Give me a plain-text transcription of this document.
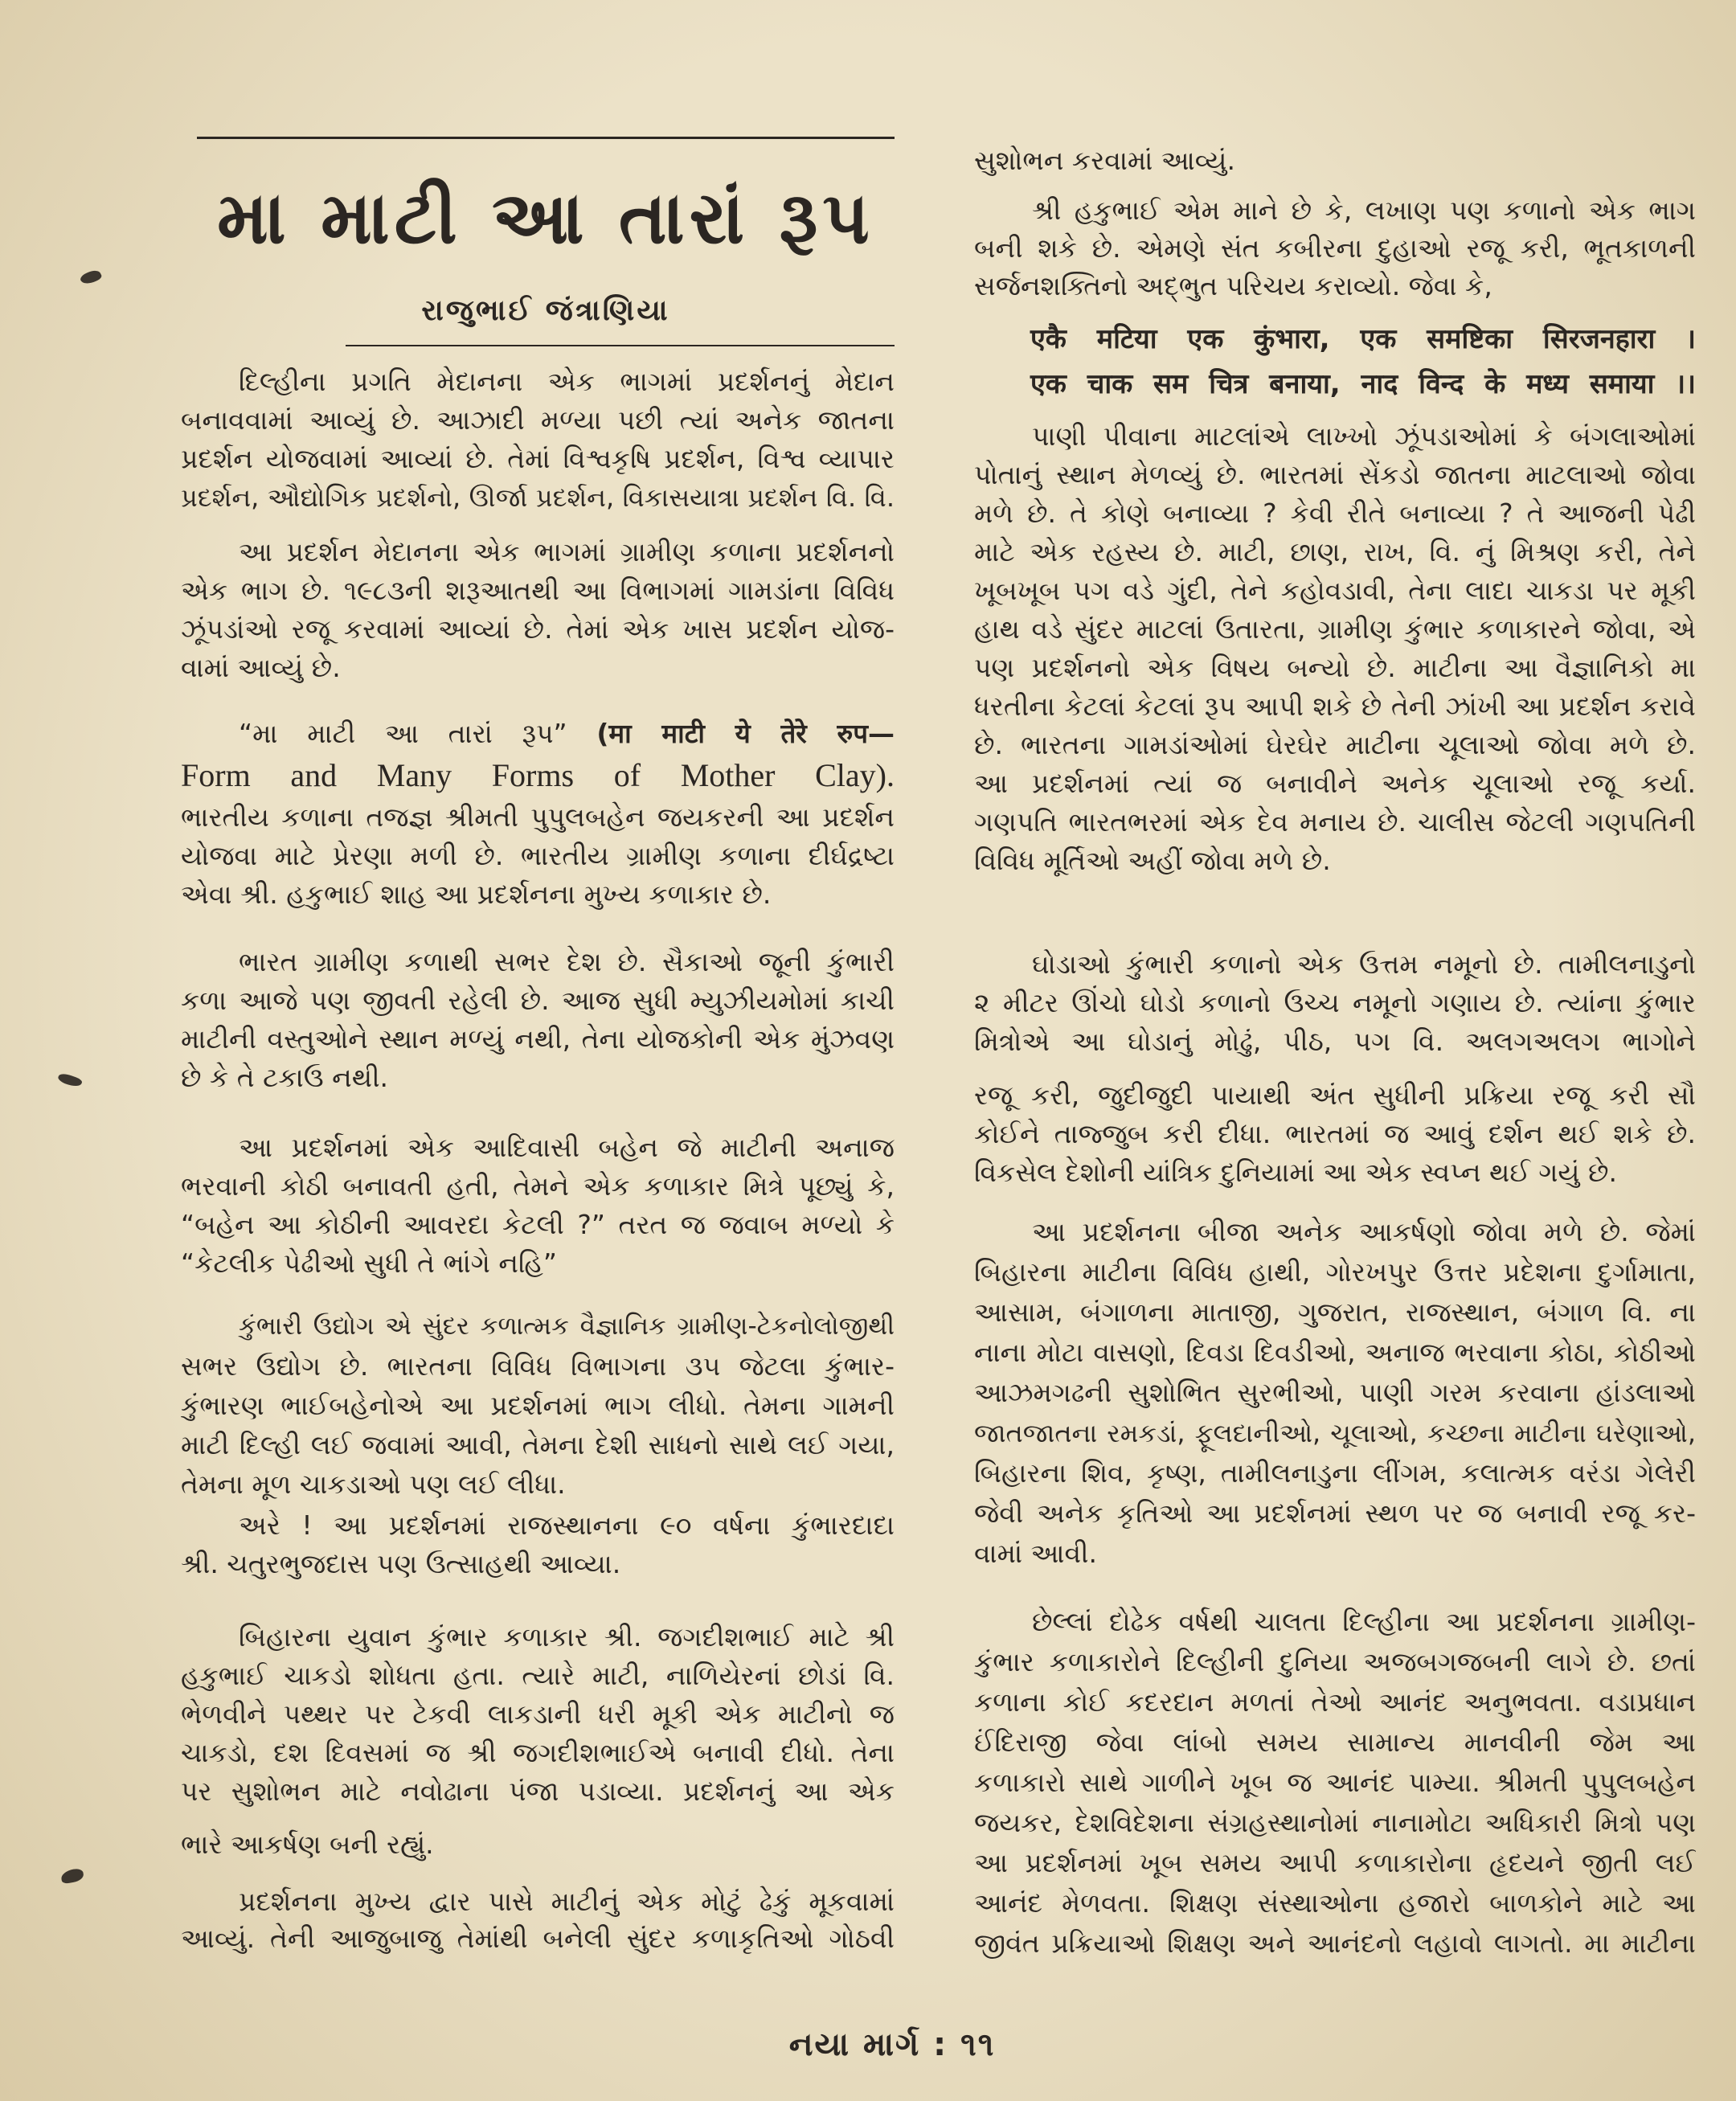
મા માટી આ તારાં રૂપ
રાજુભાઈ જંત્રાણિયા
દિલ્હીના પ્રગતિ મેદાનના એક ભાગમાં પ્રદર્શનનું મેદાન
બનાવવામાં આવ્યું છે. આઝાદી મળ્યા પછી ત્યાં અનેક જાતના
પ્રદર્શન યોજવામાં આવ્યાં છે. તેમાં વિશ્વકૃષિ પ્રદર્શન, વિશ્વ વ્યાપાર
પ્રદર્શન, ઔદ્યોગિક પ્રદર્શનો, ઊર્જા પ્રદર્શન, વિકાસયાત્રા પ્રદર્શન વિ. વિ.
આ પ્રદર્શન મેદાનના એક ભાગમાં ગ્રામીણ કળાના પ્રદર્શનનો
એક ભાગ છે. ૧૯૮૩ની શરૂઆતથી આ વિભાગમાં ગામડાંના વિવિધ
ઝૂંપડાંઓ રજૂ કરવામાં આવ્યાં છે. તેમાં એક ખાસ પ્રદર્શન યોજ-
વામાં આવ્યું છે.
“મા માટી આ તારાં રૂપ” (मा माटी ये तेरे रुप—
Form and Many Forms of Mother Clay).
ભારતીય કળાના તજજ્ઞ શ્રીમતી પુપુલબહેન જયકરની આ પ્રદર્શન
યોજવા માટે પ્રેરણા મળી છે. ભારતીય ગ્રામીણ કળાના દીર્ઘદ્રષ્ટા
એવા શ્રી. હકુભાઈ શાહ આ પ્રદર્શનના મુખ્ય કળાકાર છે.
ભારત ગ્રામીણ કળાથી સભર દેશ છે. સૈકાઓ જૂની કુંભારી
કળા આજે પણ જીવતી રહેલી છે. આજ સુધી મ્યુઝીયમોમાં કાચી
માટીની વસ્તુઓને સ્થાન મળ્યું નથી, તેના યોજકોની એક મુંઝવણ
છે કે તે ટકાઉ નથી.
આ પ્રદર્શનમાં એક આદિવાસી બહેન જે માટીની અનાજ
ભરવાની કોઠી બનાવતી હતી, તેમને એક કળાકાર મિત્રે પૂછ્યું કે,
“બહેન આ કોઠીની આવરદા કેટલી ?” તરત જ જવાબ મળ્યો કે
“કેટલીક પેઢીઓ સુધી તે ભાંગે નહિ”
કુંભારી ઉદ્યોગ એ સુંદર કળાત્મક વૈજ્ઞાનિક ગ્રામીણ-ટેકનોલોજીથી
સભર ઉદ્યોગ છે. ભારતના વિવિધ વિભાગના ૩૫ જેટલા કુંભાર-
કુંભારણ ભાઈબહેનોએ આ પ્રદર્શનમાં ભાગ લીધો. તેમના ગામની
માટી દિલ્હી લઈ જવામાં આવી, તેમના દેશી સાધનો સાથે લઈ ગયા,
તેમના મૂળ ચાકડાઓ પણ લઈ લીધા.
અરે ! આ પ્રદર્શનમાં રાજસ્થાનના ૯૦ વર્ષના કુંભારદાદા
શ્રી. ચતુરભુજદાસ પણ ઉત્સાહથી આવ્યા.
બિહારના યુવાન કુંભાર કળાકાર શ્રી. જગદીશભાઈ માટે શ્રી
હકુભાઈ ચાકડો શોધતા હતા. ત્યારે માટી, નાળિયેરનાં છોડાં વિ.
ભેળવીને પથ્થર પર ટેકવી લાકડાની ધરી મૂકી એક માટીનો જ
ચાકડો, દશ દિવસમાં જ શ્રી જગદીશભાઈએ બનાવી દીધો. તેના
પર સુશોભન માટે નવોઢાના પંજા પડાવ્યા. પ્રદર્શનનું આ એક
ભારે આકર્ષણ બની રહ્યું.
પ્રદર્શનના મુખ્ય દ્વાર પાસે માટીનું એક મોટું ઢેકું મૂકવામાં
આવ્યું. તેની આજુબાજુ તેમાંથી બનેલી સુંદર કળાકૃતિઓ ગોઠવી
સુશોભન કરવામાં આવ્યું.
શ્રી હકુભાઈ એમ માને છે કે, લખાણ પણ કળાનો એક ભાગ
બની શકે છે. એમણે સંત કબીરના દુહાઓ રજૂ કરી, ભૂતકાળની
સર્જનશક્તિનો અદ્ભુત પરિચય કરાવ્યો. જેવા કે,
एकै मटिया एक कुंभारा, एक समष्टिका सिरजनहारा ।
एक चाक सम चित्र बनाया, नाद विन्द के मध्य समाया ।।
પાણી પીવાના માટલાંએ લાખ્ખો ઝૂંપડાઓમાં કે બંગલાઓમાં
પોતાનું સ્થાન મેળવ્યું છે. ભારતમાં સેંકડો જાતના માટલાઓ જોવા
મળે છે. તે કોણે બનાવ્યા ? કેવી રીતે બનાવ્યા ? તે આજની પેઢી
માટે એક રહસ્ય છે. માટી, છાણ, રાખ, વિ. નું મિશ્રણ કરી, તેને
ખૂબખૂબ પગ વડે ગુંદી, તેને કહોવડાવી, તેના લાદા ચાકડા પર મૂકી
હાથ વડે સુંદર માટલાં ઉતારતા, ગ્રામીણ કુંભાર કળાકારને જોવા, એ
પણ પ્રદર્શનનો એક વિષય બન્યો છે. માટીના આ વૈજ્ઞાનિકો મા
ધરતીના કેટલાં કેટલાં રૂપ આપી શકે છે તેની ઝાંખી આ પ્રદર્શન કરાવે
છે. ભારતના ગામડાંઓમાં ઘેરઘેર માટીના ચૂલાઓ જોવા મળે છે.
આ પ્રદર્શનમાં ત્યાં જ બનાવીને અનેક ચૂલાઓ રજૂ કર્યા.
ગણપતિ ભારતભરમાં એક દેવ મનાય છે. ચાલીસ જેટલી ગણપતિની
વિવિધ મૂર્તિઓ અહીં જોવા મળે છે.
ઘોડાઓ કુંભારી કળાનો એક ઉત્તમ નમૂનો છે. તામીલનાડુનો
૨ મીટર ઊંચો ઘોડો કળાનો ઉચ્ચ નમૂનો ગણાય છે. ત્યાંના કુંભાર
મિત્રોએ આ ઘોડાનું મોઢું, પીઠ, પગ વિ. અલગઅલગ ભાગોને
રજૂ કરી, જુદીજુદી પાયાથી અંત સુધીની પ્રક્રિયા રજૂ કરી સૌ
કોઈને તાજ્જુબ કરી દીધા. ભારતમાં જ આવું દર્શન થઈ શકે છે.
વિકસેલ દેશોની યાંત્રિક દુનિયામાં આ એક સ્વપ્ન થઈ ગયું છે.
આ પ્રદર્શનના બીજા અનેક આકર્ષણો જોવા મળે છે. જેમાં
બિહારના માટીના વિવિધ હાથી, ગોરખપુર ઉત્તર પ્રદેશના દુર્ગામાતા,
આસામ, બંગાળના માતાજી, ગુજરાત, રાજસ્થાન, બંગાળ વિ. ના
નાના મોટા વાસણો, દિવડા દિવડીઓ, અનાજ ભરવાના કોઠા, કોઠીઓ
આઝમગઢની સુશોભિત સુરભીઓ, પાણી ગરમ કરવાના હાંડલાઓ
જાતજાતના રમકડાં, ફૂલદાનીઓ, ચૂલાઓ, કચ્છના માટીના ઘરેણાઓ,
બિહારના શિવ, કૃષ્ણ, તામીલનાડુના લીંગમ, કલાત્મક વરંડા ગેલેરી
જેવી અનેક કૃતિઓ આ પ્રદર્શનમાં સ્થળ પર જ બનાવી રજૂ કર-
વામાં આવી.
છેલ્લાં દોઢેક વર્ષથી ચાલતા દિલ્હીના આ પ્રદર્શનના ગ્રામીણ-
કુંભાર કળાકારોને દિલ્હીની દુનિયા અજબગજબની લાગે છે. છતાં
કળાના કોઈ કદરદાન મળતાં તેઓ આનંદ અનુભવતા. વડાપ્રધાન
ઈંદિરાજી જેવા લાંબો સમય સામાન્ય માનવીની જેમ આ
કળાકારો સાથે ગાળીને ખૂબ જ આનંદ પામ્યા. શ્રીમતી પુપુલબહેન
જયકર, દેશવિદેશના સંગ્રહસ્થાનોમાં નાનામોટા અધિકારી મિત્રો પણ
આ પ્રદર્શનમાં ખૂબ સમય આપી કળાકારોના હૃદયને જીતી લઈ
આનંદ મેળવતા. શિક્ષણ સંસ્થાઓના હજારો બાળકોને માટે આ
જીવંત પ્રક્રિયાઓ શિક્ષણ અને આનંદનો લહાવો લાગતો. મા માટીના
નયા માર્ગ : ૧૧
